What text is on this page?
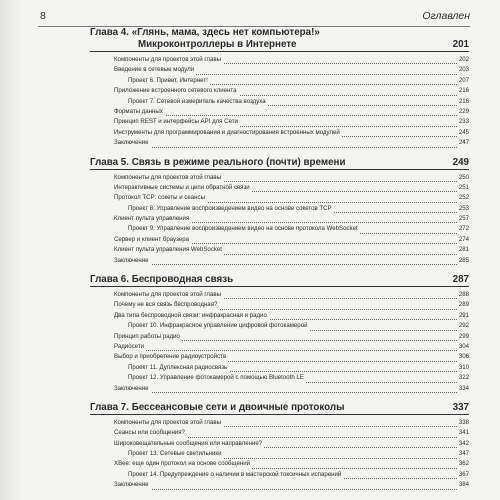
8	Оглавлен
Глава 4. «Глянь, мама, здесь нет компьютера!»
Микроконтроллеры в Интернете	201
Компоненты для проектов этой главы	202
Введение в сетевые модули	203
Проект 6. Привет, Интернет!	207
Приложение встроенного сетевого клиента	216
Проект 7. Сетевой измеритель качества воздуха	216
Форматы данных	229
Принцип REST и интерфейсы API для Сети	233
Инструменты для программирования и диагностирования встроенных модулей	245
Заключение	247
Глава 5. Связь в режиме реального (почти) времени	249
Компоненты для проектов этой главы	250
Интерактивные системы и цепи обратной связи	251
Протокол TCP: сокеты и сеансы	252
Проект 8. Управление воспроизведением видео на основе сокетов TCP	253
Клиент пульта управления	257
Проект 9. Управление воспроизведением видео на основе протокола WebSocket	272
Сервер и клиент браузера	274
Клиент пульта управления WebSocket	281
Заключение	285
Глава 6. Беспроводная связь	287
Компоненты для проектов этой главы	288
Почему не вся связь беспроводная?	289
Два типа беспроводной связи: инфракрасная и радио	291
Проект 10. Инфракрасное управление цифровой фотокамерой	292
Принцип работы радио	299
Радиосети	304
Выбор и приобретение радиоустройств	306
Проект 11. Дуплексная радиосвязь	310
Проект 12. Управление фотокамерой с помощью Bluetooth LE	322
Заключение	334
Глава 7. Бессеансовые сети и двоичные протоколы	337
Компоненты для проектов этой главы	338
Сеансы или сообщения?	341
Широковещательные сообщения или направление?	342
Проект 13. Сетевые светильники	347
XBee: еще один протокол на основе сообщений	362
Проект 14. Предупреждение о наличии в мастерской токсичных испарений	367
Заключение	384
